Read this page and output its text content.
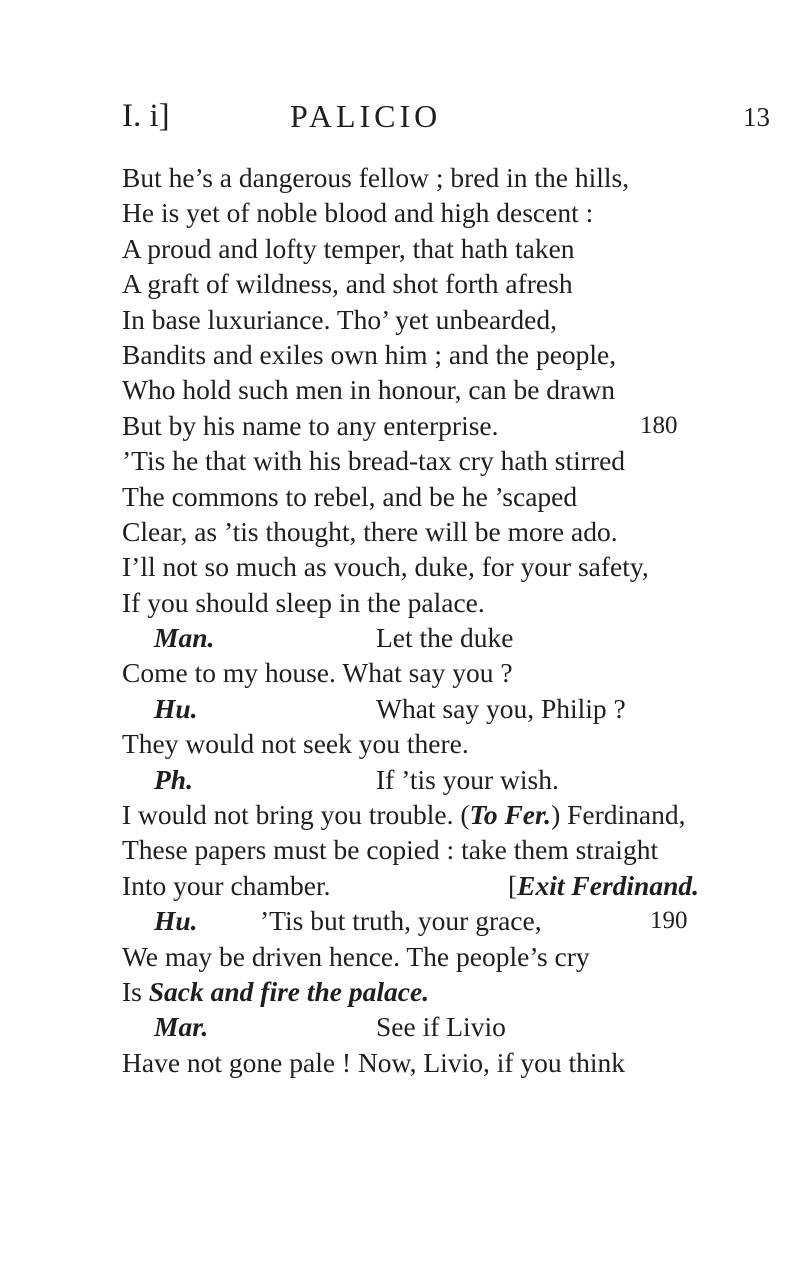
I. i]	PALICIO	13
But he’s a dangerous fellow ; bred in the hills,
He is yet of noble blood and high descent :
A proud and lofty temper, that hath taken
A graft of wildness, and shot forth afresh
In base luxuriance. Tho’ yet unbearded,
Bandits and exiles own him ; and the people,
Who hold such men in honour, can be drawn
But by his name to any enterprise.	180
’Tis he that with his bread-tax cry hath stirred
The commons to rebel, and be he ’scaped
Clear, as ’tis thought, there will be more ado.
I’ll not so much as vouch, duke, for your safety,
If you should sleep in the palace.
Man.	Let the duke
Come to my house. What say you ?
Hu.	What say you, Philip ?
They would not seek you there.
Ph.	If ’tis your wish.
I would not bring you trouble. (To Fer.) Ferdinand,
These papers must be copied : take them straight
Into your chamber.	[Exit Ferdinand.
Hu. ’Tis but truth, your grace,	190
We may be driven hence. The people’s cry
Is Sack and fire the palace.
Mar.	See if Livio
Have not gone pale ! Now, Livio, if you think
